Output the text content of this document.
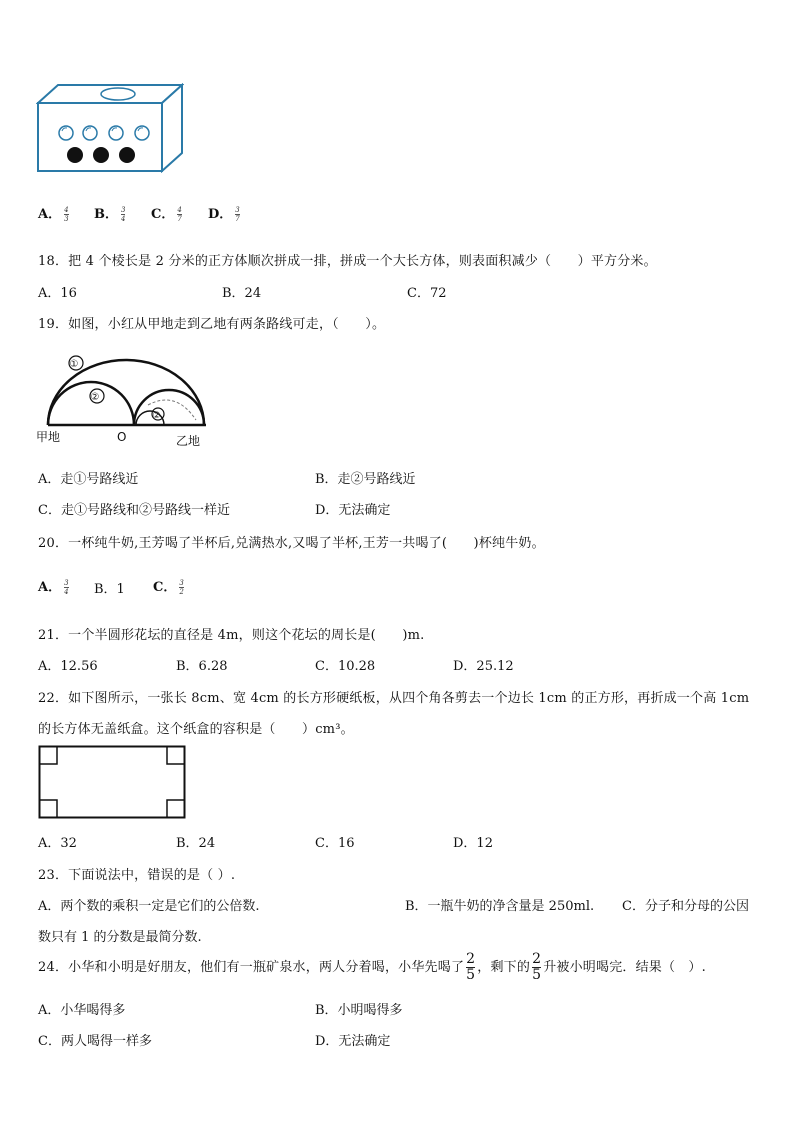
A． $\frac{4}{3}$ B． $\frac{3}{4}$ C． $\frac{4}{7}$ D． $\frac{3}{7}$
18．把 4 个棱长是 2 分米的正方体顺次拼成一排，拼成一个大长方体，则表面积减少（　　）平方分米。
A．16	B．24	C．72
19．如图，小红从甲地走到乙地有两条路线可走，（　　）。
①
②
②
甲地	O	乙地
A．走①号路线近	B．走②号路线近
C．走①号路线和②号路线一样近	D．无法确定
20．一杯纯牛奶,王芳喝了半杯后,兑满热水,又喝了半杯,王芳一共喝了(　　)杯纯牛奶。
A． $\frac{3}{4}$ B．1 C． $\frac{3}{2}$
21．一个半圆形花坛的直径是 4m，则这个花坛的周长是(　　)m.
A．12.56	B．6.28	C．10.28	D．25.12
22．如下图所示，一张长 8cm、宽 4cm 的长方形硬纸板，从四个角各剪去一个边长 1cm 的正方形，再折成一个高 1cm
的长方体无盖纸盒。这个纸盒的容积是（　　）cm³。
A．32	B．24	C．16	D．12
23．下面说法中，错误的是（ ）.
A．两个数的乘积一定是它们的公倍数.	B．一瓶牛奶的净含量是 250ml. C．分子和分母的公因
数只有 1 的分数是最简分数.
24．小华和小明是好朋友，他们有一瓶矿泉水，两人分着喝，小华先喝了 $\frac{2}{5}$ ，剩下的 $\frac{2}{5}$ 升被小明喝完．结果（　）.
A．小华喝得多	B．小明喝得多
C．两人喝得一样多	D．无法确定
